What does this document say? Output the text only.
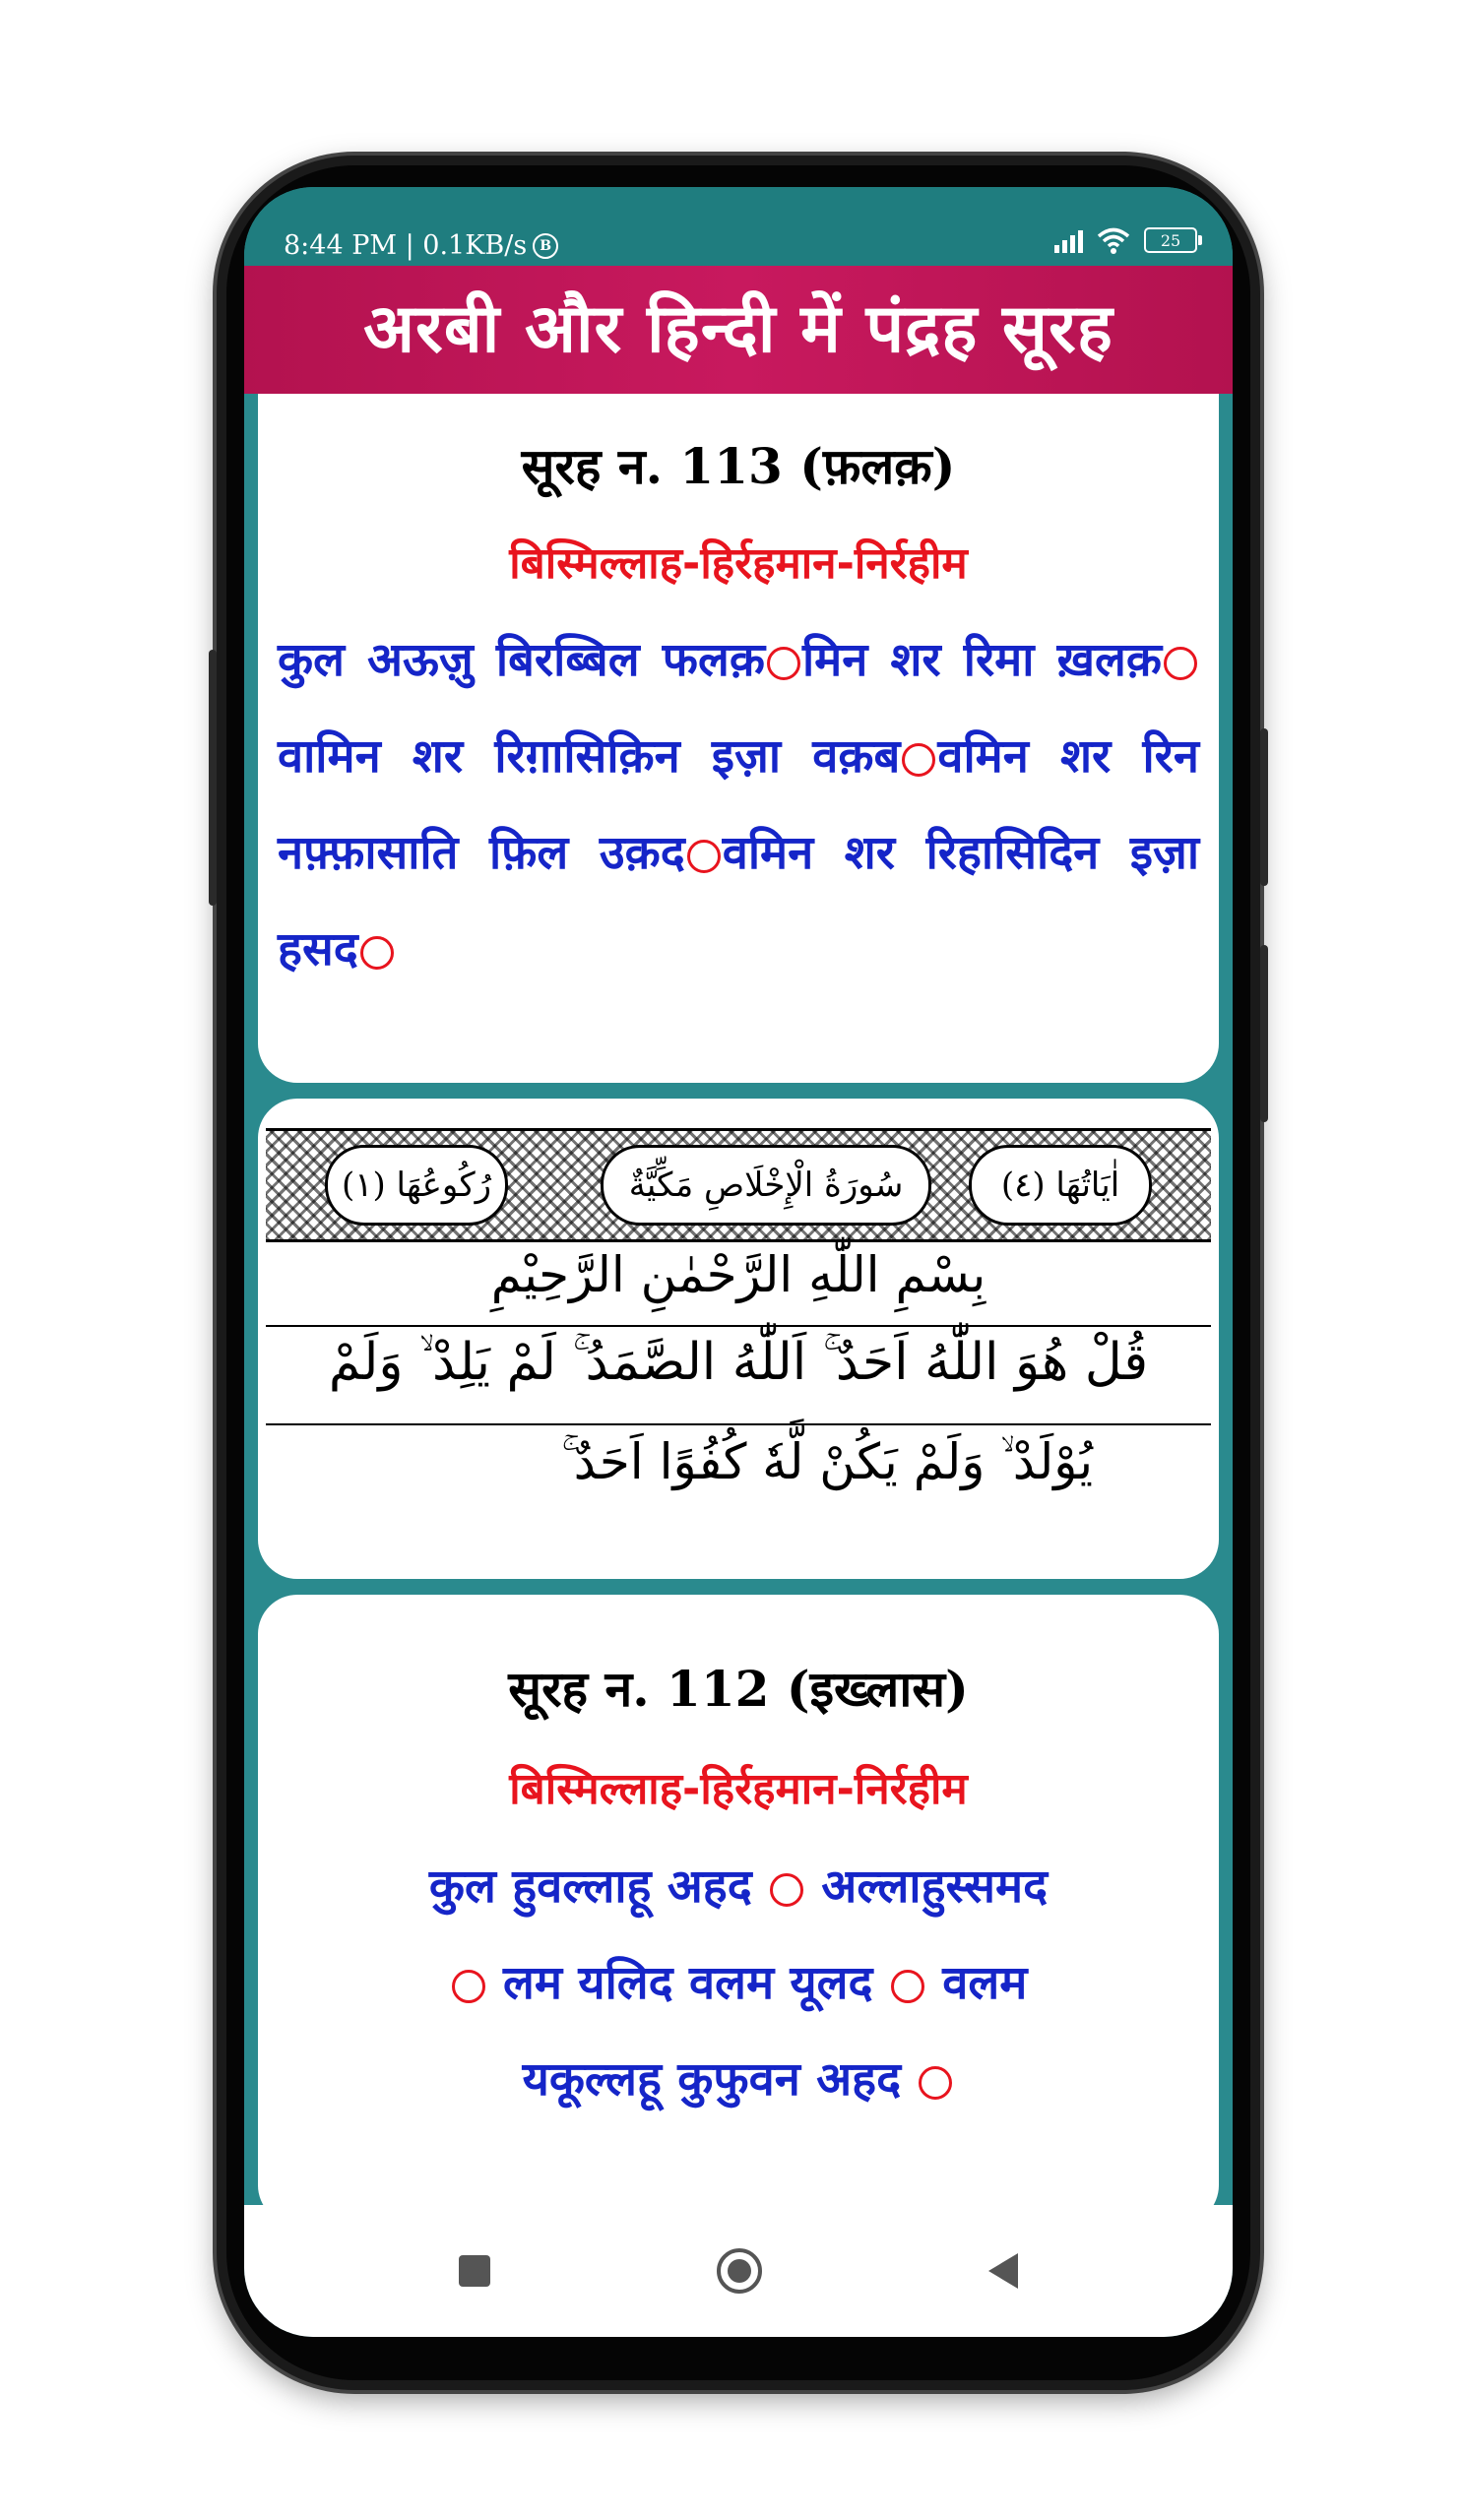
8:44 PM | 0.1KB/s B	25
अरबी और हिन्दी में पंद्रह सूरह

सूरह न. 113 (फ़लक़)

बिस्मिल्लाह-हिर्रहमान-निर्रहीम

कुल अऊज़ु बिरब्बिल फलक़ मिन शर रिमा ख़लक़वामिन शर रिग़ासिक़िन इज़ा वक़ब वमिन शर रिन नफ़्फ़ासाति फ़िल उक़द वमिन शर रिहासिदिन इज़ा हसद

رُكُوعُهَا (١)	سُورَةُ الْإِخْلَاصِ مَكِّيَّةٌ	اٰيَاتُهَا (٤)
بِسْمِ اللّٰهِ الرَّحْمٰنِ الرَّحِيْمِ
قُلْ هُوَ اللّٰهُ اَحَدٌ ۚ اَللّٰهُ الصَّمَدُ ۚ لَمْ يَلِدْ ۙ وَلَمْ
يُوْلَدْ ۙ وَلَمْ يَكُنْ لَّهٗ كُفُوًا اَحَدٌ ۚ

सूरह न. 112 (इख्लास)

बिस्मिल्लाह-हिर्रहमान-निर्रहीम

कुल हुवल्लाहू अहद अल्लाहुस्समद

लम यलिद वलम यूलद वलम

यकूल्लहू कुफुवन अहद
